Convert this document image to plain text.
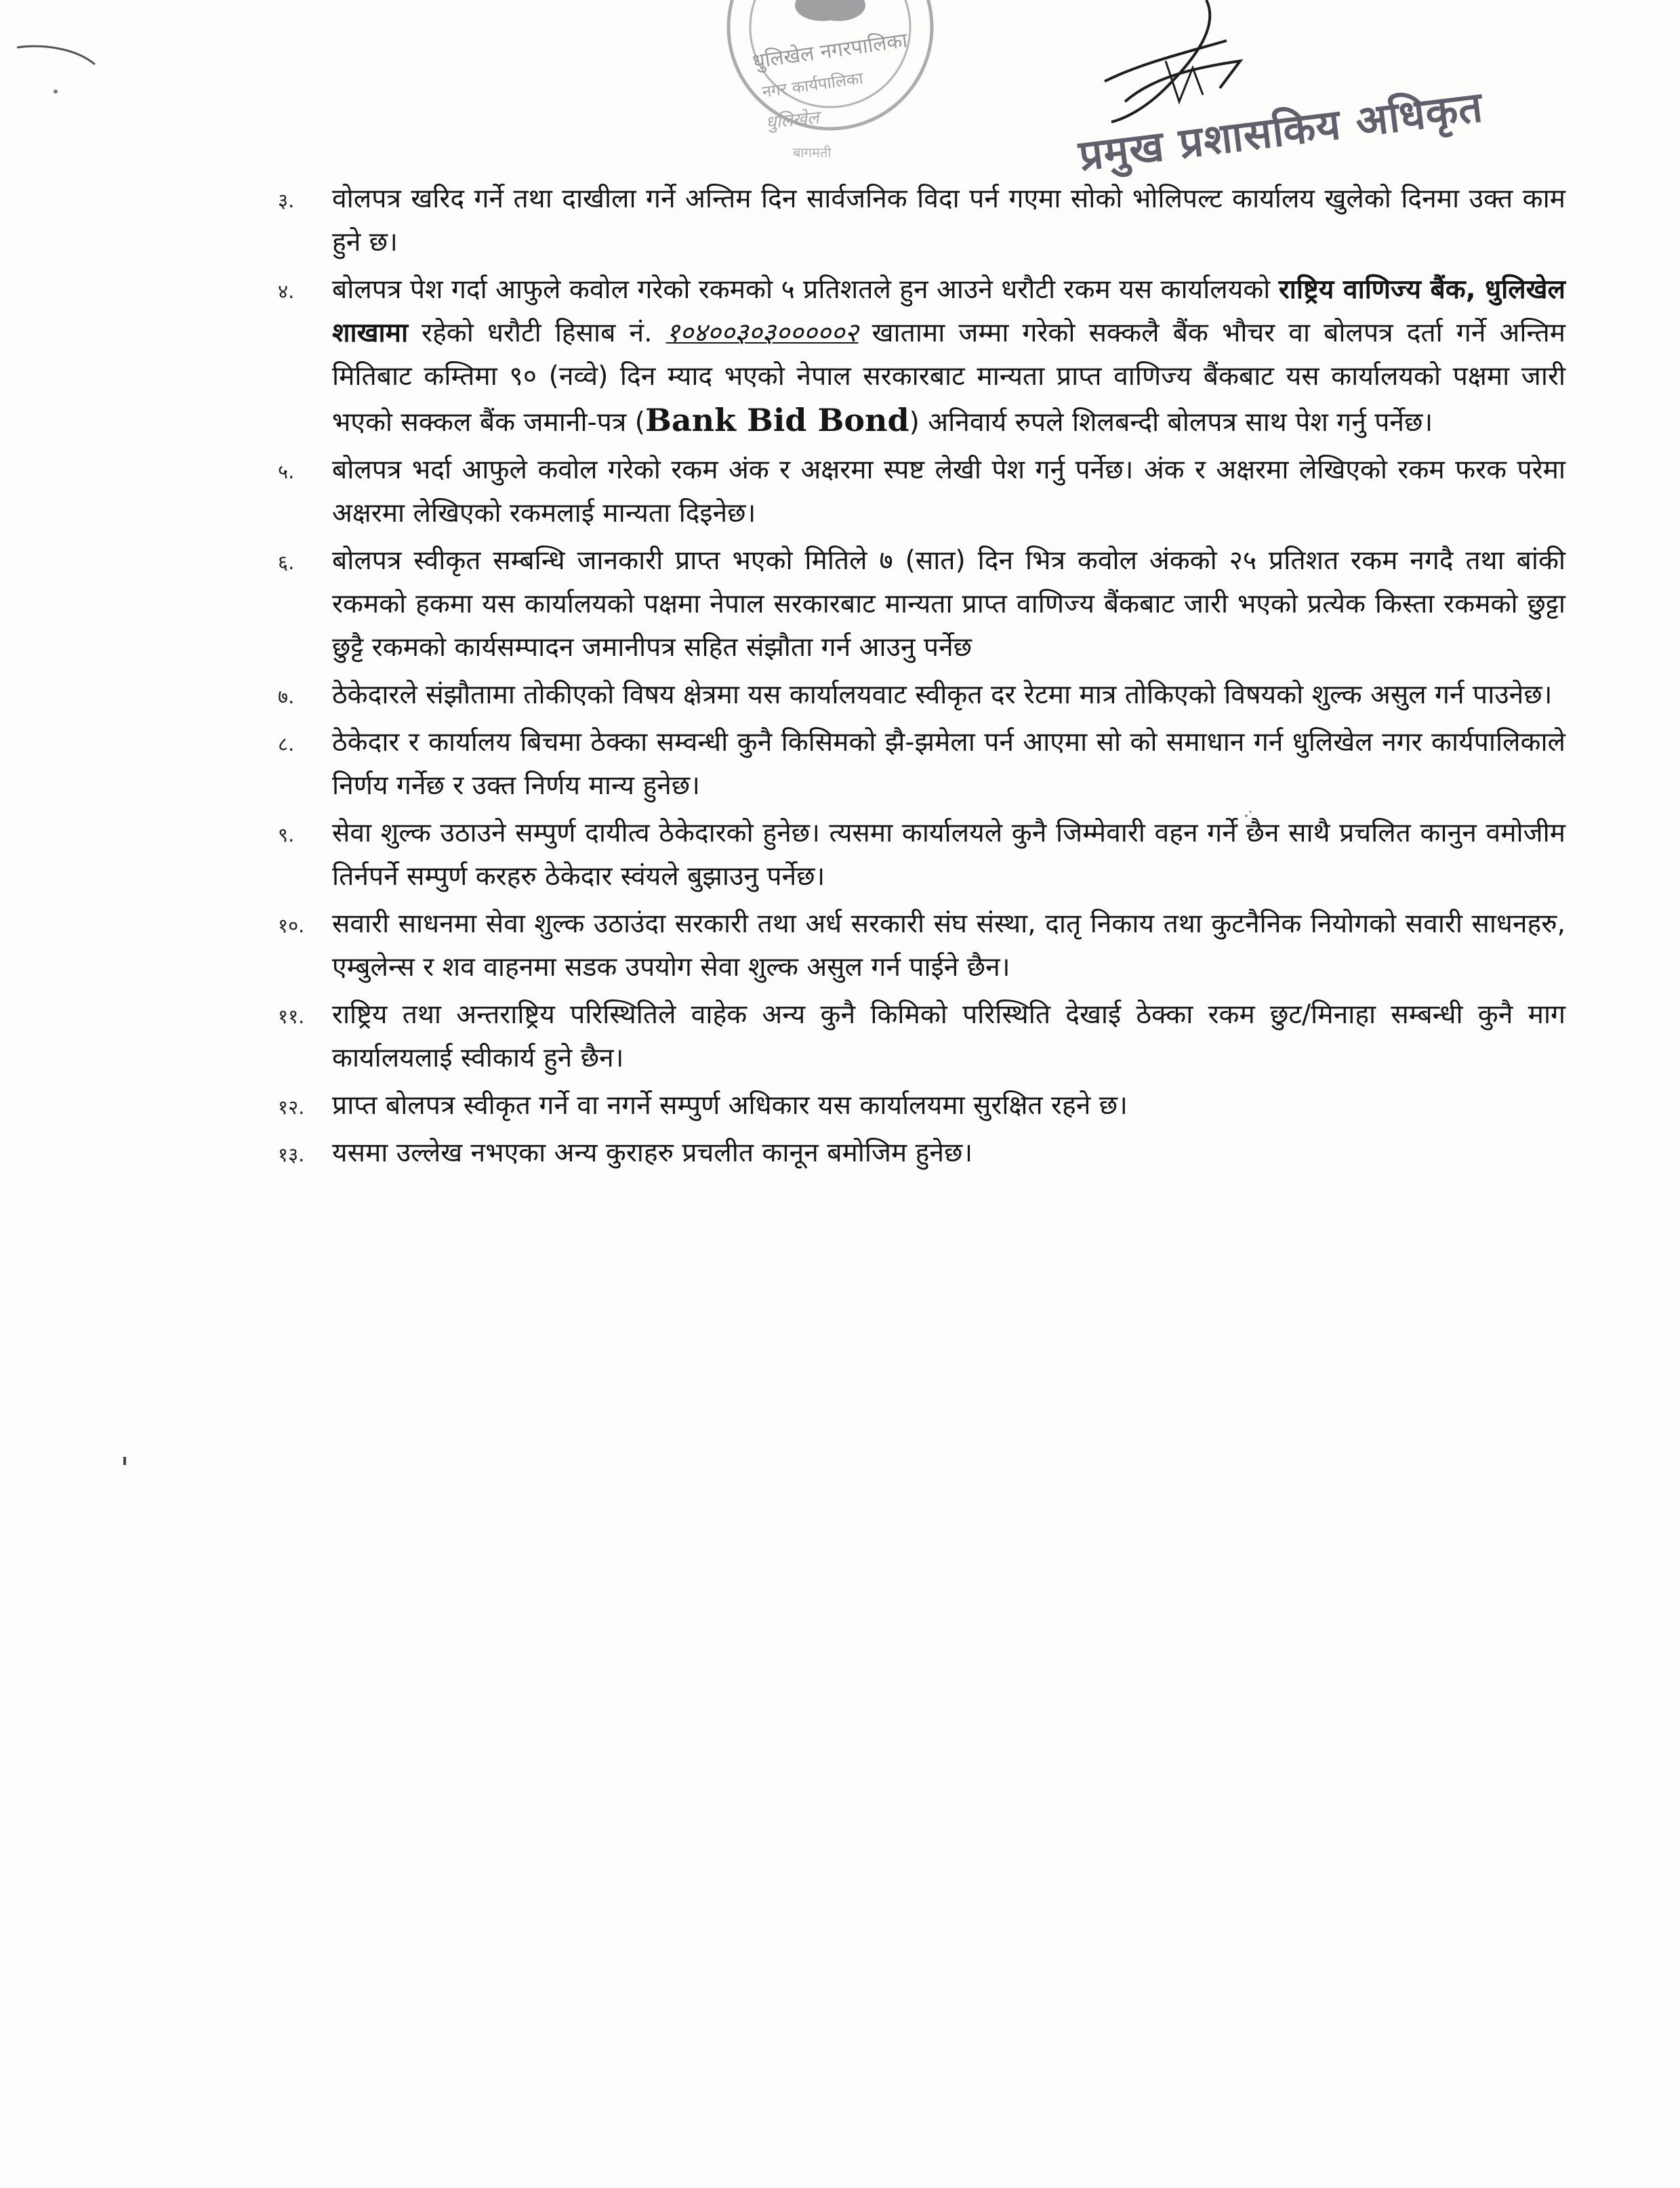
धुलिखेल नगरपालिका
नगर कार्यपालिका
धुलिखेल
बागमती	प्रमुख प्रशासकिय अधिकृत
३. वोलपत्र खरिद गर्ने तथा दाखीला गर्ने अन्तिम दिन सार्वजनिक विदा पर्न गएमा सोको भोलिपल्ट कार्यालय खुलेको दिनमा उक्त काम हुने छ।
४. बोलपत्र पेश गर्दा आफुले कवोल गरेको रकमको ५ प्रतिशतले हुन आउने धरौटी रकम यस कार्यालयको राष्ट्रिय वाणिज्य बैंक, धुलिखेल शाखामा रहेको धरौटी हिसाब नं. १०४००३०३०००००२ खातामा जम्मा गरेको सक्कलै बैंक भौचर वा बोलपत्र दर्ता गर्ने अन्तिम मितिबाट कम्तिमा ९० (नव्वे) दिन म्याद भएको नेपाल सरकारबाट मान्यता प्राप्त वाणिज्य बैंकबाट यस कार्यालयको पक्षमा जारी भएको सक्कल बैंक जमानी-पत्र (Bank Bid Bond) अनिवार्य रुपले शिलबन्दी बोलपत्र साथ पेश गर्नु पर्नेछ।
५. बोलपत्र भर्दा आफुले कवोल गरेको रकम अंक र अक्षरमा स्पष्ट लेखी पेश गर्नु पर्नेछ। अंक र अक्षरमा लेखिएको रकम फरक परेमा अक्षरमा लेखिएको रकमलाई मान्यता दिइनेछ।
६. बोलपत्र स्वीकृत सम्बन्धि जानकारी प्राप्त भएको मितिले ७ (सात) दिन भित्र कवोल अंकको २५ प्रतिशत रकम नगदै तथा बांकी रकमको हकमा यस कार्यालयको पक्षमा नेपाल सरकारबाट मान्यता प्राप्त वाणिज्य बैंकबाट जारी भएको प्रत्येक किस्ता रकमको छुट्टा छुट्टै रकमको कार्यसम्पादन जमानीपत्र सहित संझौता गर्न आउनु पर्नेछ
७. ठेकेदारले संझौतामा तोकीएको विषय क्षेत्रमा यस कार्यालयवाट स्वीकृत दर रेटमा मात्र तोकिएको विषयको शुल्क असुल गर्न पाउनेछ।
८. ठेकेदार र कार्यालय बिचमा ठेक्का सम्वन्धी कुनै किसिमको झै-झमेला पर्न आएमा सो को समाधान गर्न धुलिखेल नगर कार्यपालिकाले निर्णय गर्नेछ र उक्त निर्णय मान्य हुनेछ।
९. सेवा शुल्क उठाउने सम्पुर्ण दायीत्व ठेकेदारको हुनेछ। त्यसमा कार्यालयले कुनै जिम्मेवारी वहन गर्ने छैन साथै प्रचलित कानुन वमोजीम तिर्नपर्ने सम्पुर्ण करहरु ठेकेदार स्वंयले बुझाउनु पर्नेछ।
१०. सवारी साधनमा सेवा शुल्क उठाउंदा सरकारी तथा अर्ध सरकारी संघ संस्था, दातृ निकाय तथा कुटनैनिक नियोगको सवारी साधनहरु, एम्बुलेन्स र शव वाहनमा सडक उपयोग सेवा शुल्क असुल गर्न पाईने छैन।
११. राष्ट्रिय तथा अन्तराष्ट्रिय परिस्थितिले वाहेक अन्य कुनै किमिको परिस्थिति देखाई ठेक्का रकम छुट/मिनाहा सम्बन्धी कुनै माग कार्यालयलाई स्वीकार्य हुने छैन।
१२. प्राप्त बोलपत्र स्वीकृत गर्ने वा नगर्ने सम्पुर्ण अधिकार यस कार्यालयमा सुरक्षित रहने छ।
१३. यसमा उल्लेख नभएका अन्य कुराहरु प्रचलीत कानून बमोजिम हुनेछ।
